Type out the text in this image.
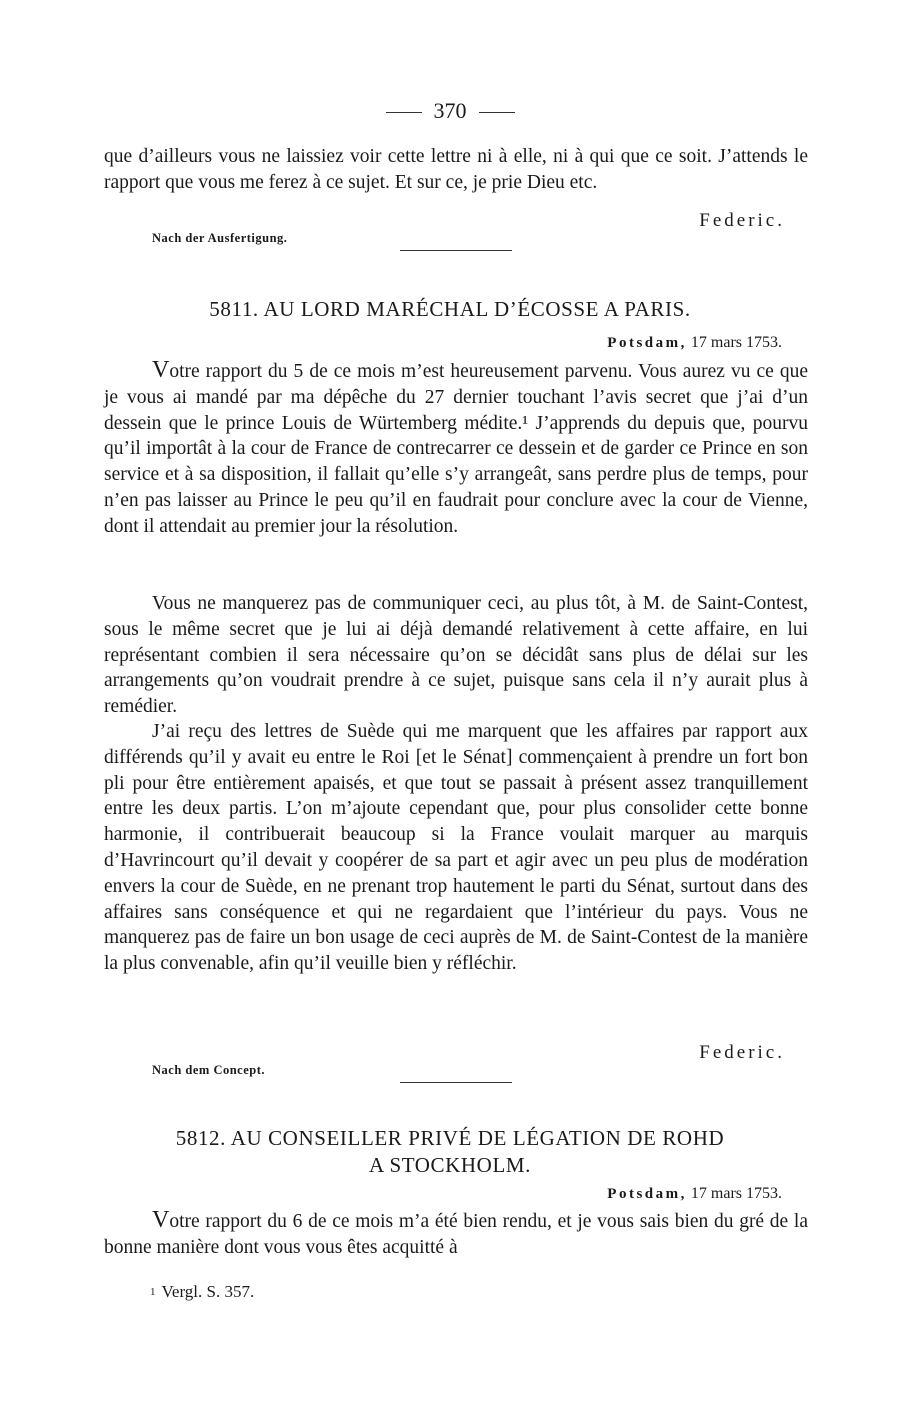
370

que d’ailleurs vous ne laissiez voir cette lettre ni à elle, ni à qui que ce soit. J’attends le rapport que vous me ferez à ce sujet. Et sur ce, je prie Dieu etc.

Federic.
Nach der Ausfertigung.
5811. AU LORD MARÉCHAL D’ÉCOSSE A PARIS.
Potsdam, 17 mars 1753.

Votre rapport du 5 de ce mois m’est heureusement parvenu. Vous aurez vu ce que je vous ai mandé par ma dépêche du 27 dernier touchant l’avis secret que j’ai d’un dessein que le prince Louis de Würtemberg médite.¹ J’apprends du depuis que, pourvu qu’il importât à la cour de France de contrecarrer ce dessein et de garder ce Prince en son service et à sa disposition, il fallait qu’elle s’y arrangeât, sans perdre plus de temps, pour n’en pas laisser au Prince le peu qu’il en faudrait pour conclure avec la cour de Vienne, dont il attendait au premier jour la résolution.

Vous ne manquerez pas de communiquer ceci, au plus tôt, à M. de Saint-Contest, sous le même secret que je lui ai déjà demandé relativement à cette affaire, en lui représentant combien il sera nécessaire qu’on se décidât sans plus de délai sur les arrangements qu’on voudrait prendre à ce sujet, puisque sans cela il n’y aurait plus à remédier.

J’ai reçu des lettres de Suède qui me marquent que les affaires par rapport aux différends qu’il y avait eu entre le Roi [et le Sénat] commençaient à prendre un fort bon pli pour être entièrement apaisés, et que tout se passait à présent assez tranquillement entre les deux partis. L’on m’ajoute cependant que, pour plus consolider cette bonne harmonie, il contribuerait beaucoup si la France voulait marquer au marquis d’Havrincourt qu’il devait y coopérer de sa part et agir avec un peu plus de modération envers la cour de Suède, en ne prenant trop hautement le parti du Sénat, surtout dans des affaires sans conséquence et qui ne regardaient que l’intérieur du pays. Vous ne manquerez pas de faire un bon usage de ceci auprès de M. de Saint-Contest de la manière la plus convenable, afin qu’il veuille bien y réfléchir.

Federic.
Nach dem Concept.
5812. AU CONSEILLER PRIVÉ DE LÉGATION DE ROHD
A STOCKHOLM.
Potsdam, 17 mars 1753.

Votre rapport du 6 de ce mois m’a été bien rendu, et je vous sais bien du gré de la bonne manière dont vous vous êtes acquitté à

1 Vergl. S. 357.
